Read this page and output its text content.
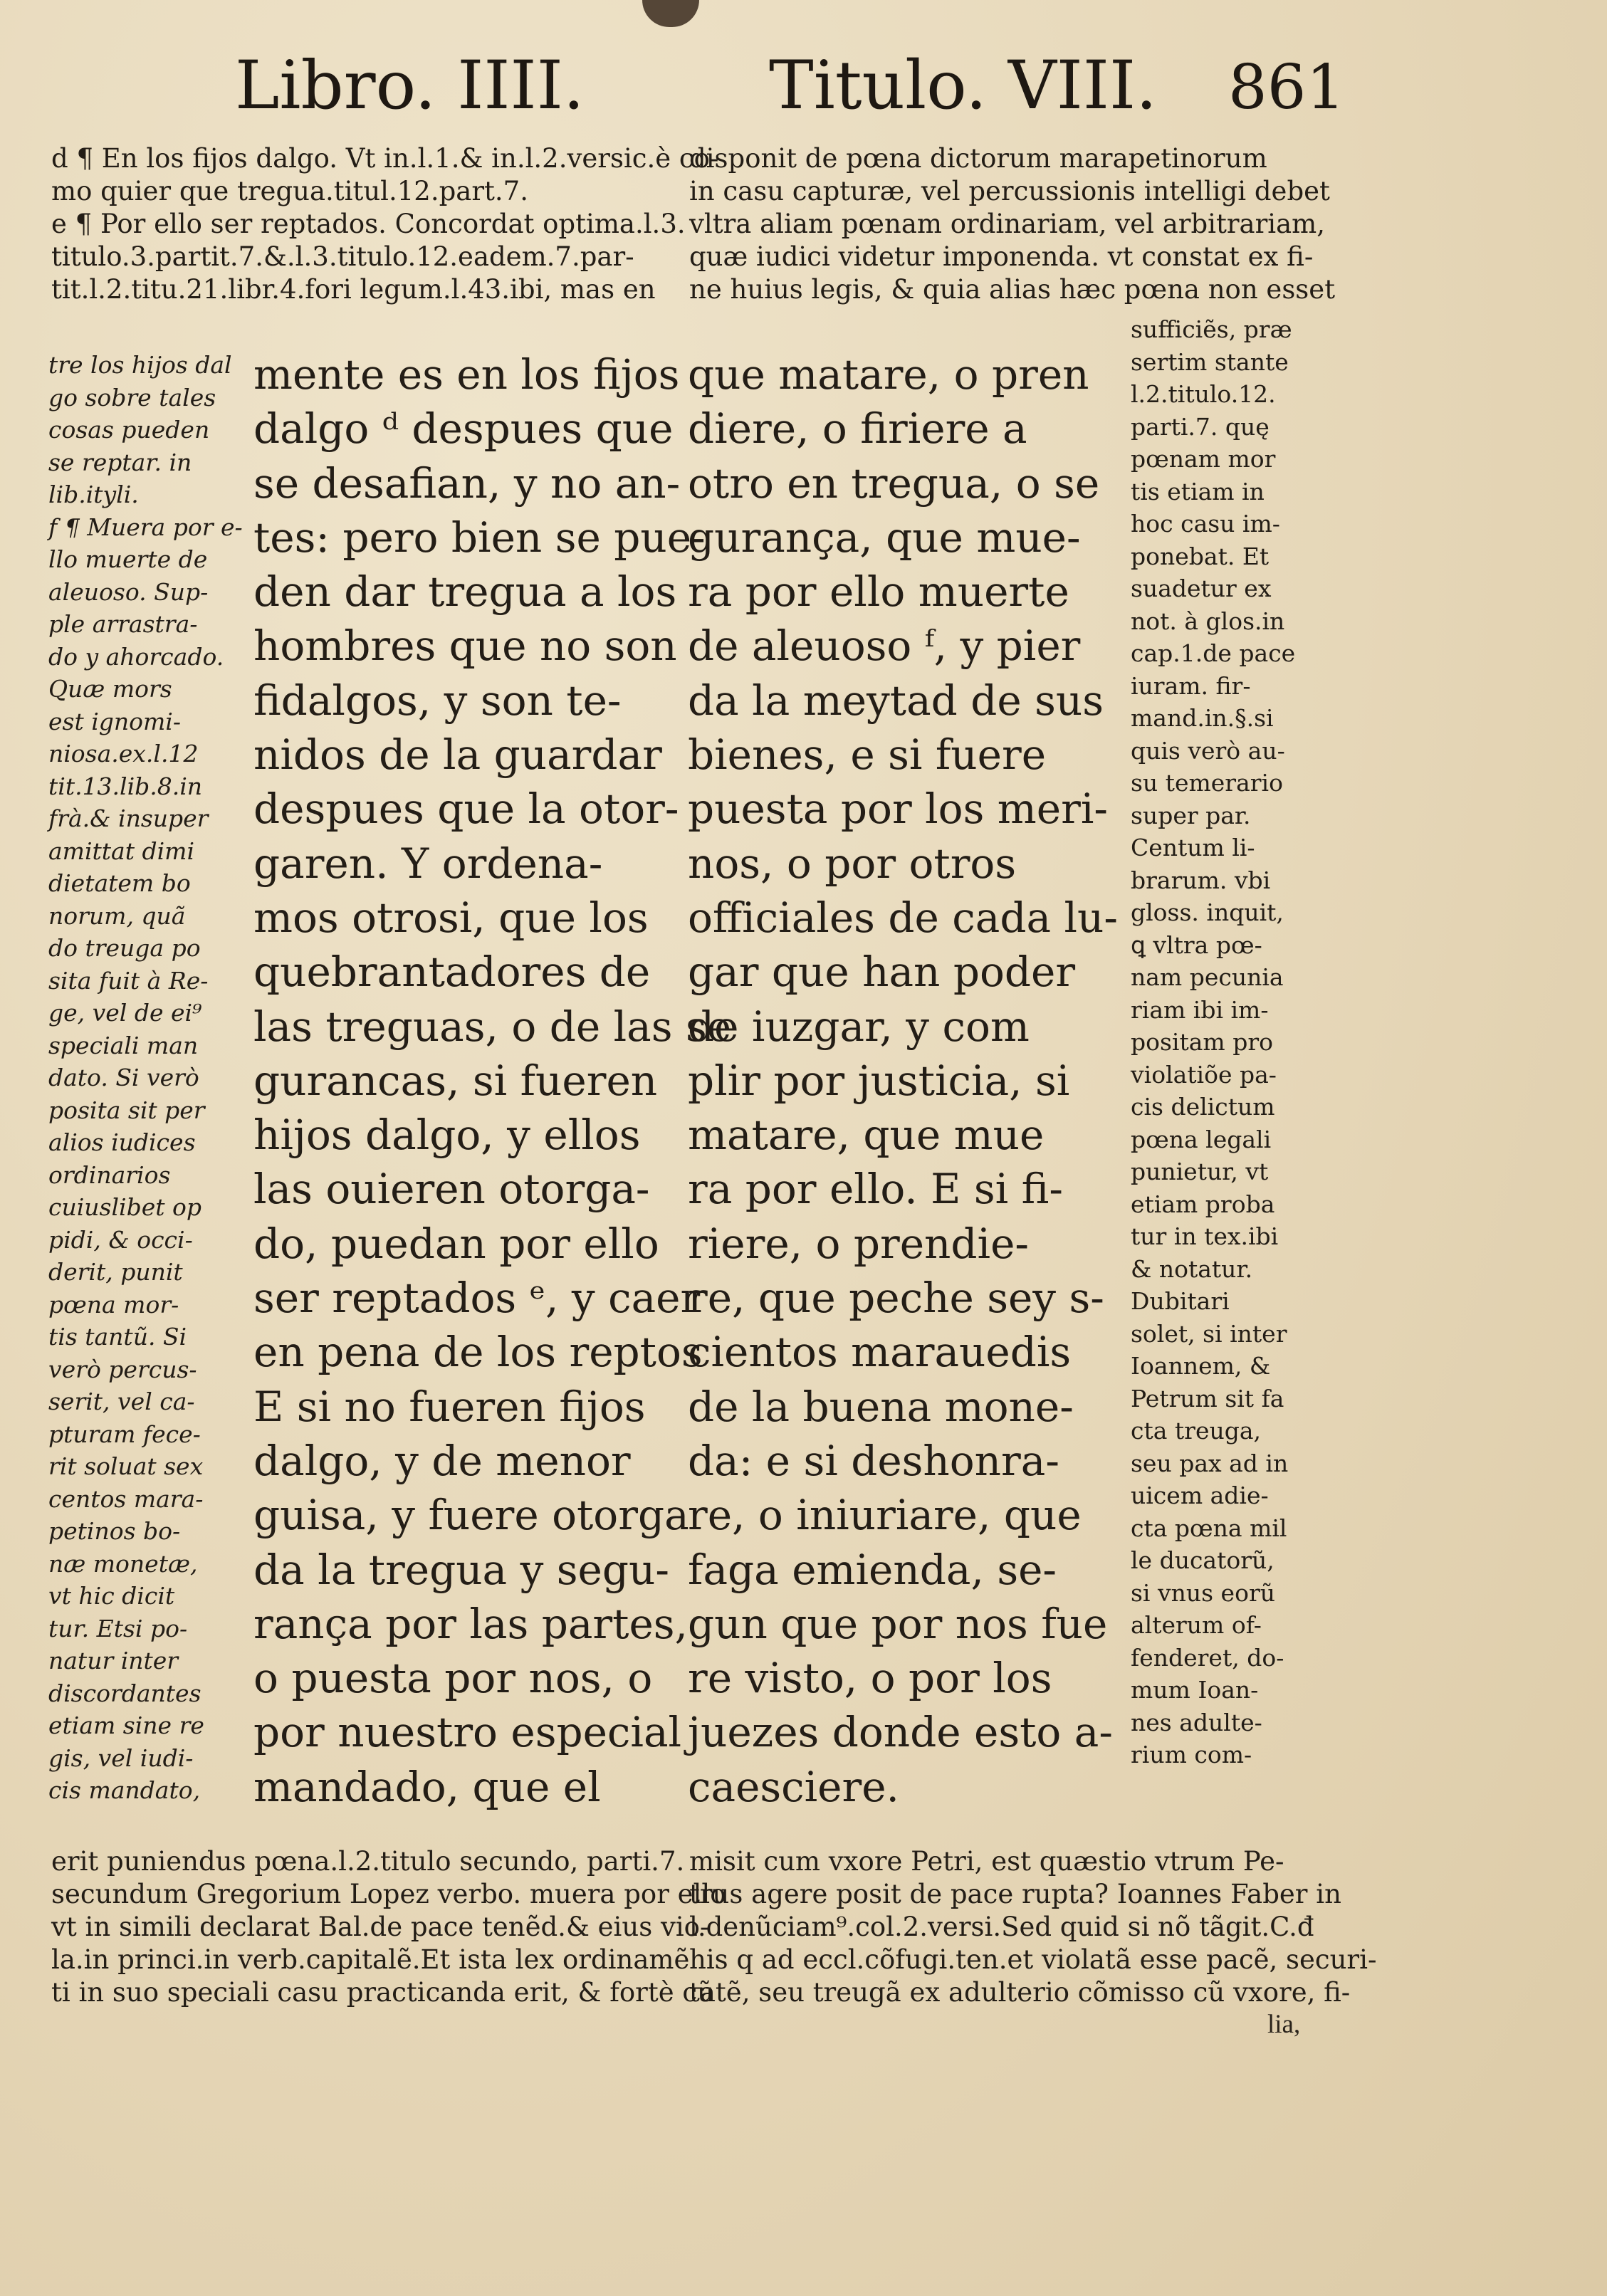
Libro. IIII.	Titulo. VIII. 861
d ¶ En los fijos dalgo. Vt in.l.1.& in.l.2.versic.è co-
mo quier que tregua.titul.12.part.7.
e ¶ Por ello ser reptados. Concordat optima.l.3.
titulo.3.partit.7.&.l.3.titulo.12.eadem.7.par-
tit.l.2.titu.21.libr.4.fori legum.l.43.ibi, mas en
disponit de pœna dictorum marapetinorum
in casu capturæ, vel percussionis intelligi debet
vltra aliam pœnam ordinariam, vel arbitrariam,
quæ iudici videtur imponenda. vt constat ex fi-
ne huius legis, & quia alias hæc pœna non esset
tre los hijos dal
go sobre tales
cosas pueden
se reptar. in
lib.ityli.
f ¶ Muera por e-
llo muerte de
aleuoso. Sup-
ple arrastra-
do y ahorcado.
Quæ mors
est ignomi-
niosa.ex.l.12
tit.13.lib.8.in
frà.& insuper
amittat dimi
dietatem bo
norum, quã
do treuga po
sita fuit à Re-
ge, vel de ei⁹
speciali man
dato. Si verò
posita sit per
alios iudices
ordinarios
cuiuslibet op
pidi, & occi-
derit, punit
pœna mor-
tis tantũ. Si
verò percus-
serit, vel ca-
pturam fece-
rit soluat sex
centos mara-
petinos bo-
næ monetæ,
vt hic dicit
tur. Etsi po-
natur inter
discordantes
etiam sine re
gis, vel iudi-
cis mandato,
mente es en los fijos
dalgo ᵈ despues que
se desafian, y no an-
tes: pero bien se pue-
den dar tregua a los
hombres que no son
fidalgos, y son te-
nidos de la guardar
despues que la otor-
garen. Y ordena-
mos otrosi, que los
quebrantadores de
las treguas, o de las se
gurancas, si fueren
hijos dalgo, y ellos
las ouieren otorga-
do, puedan por ello
ser reptados ᵉ, y caer
en pena de los reptos
E si no fueren fijos
dalgo, y de menor
guisa, y fuere otorga
da la tregua y segu-
rança por las partes,
o puesta por nos, o
por nuestro especial
mandado, que el
que matare, o pren
diere, o firiere a
otro en tregua, o se
gurança, que mue-
ra por ello muerte
de aleuoso ᶠ, y pier
da la meytad de sus
bienes, e si fuere
puesta por los meri-
nos, o por otros
officiales de cada lu-
gar que han poder
de iuzgar, y com
plir por justicia, si
matare, que mue
ra por ello. E si fi-
riere, o prendie-
re, que peche sey s-
cientos marauedis
de la buena mone-
da: e si deshonra-
re, o iniuriare, que
faga emienda, se-
gun que por nos fue
re visto, o por los
juezes donde esto a-
caesciere.
sufficiẽs, præ
sertim stante
l.2.titulo.12.
parti.7. quę
pœnam mor
tis etiam in
hoc casu im-
ponebat. Et
suadetur ex
not. à glos.in
cap.1.de pace
iuram. fir-
mand.in.§.si
quis verò au-
su temerario
super par.
Centum li-
brarum. vbi
gloss. inquit,
ꝗ vltra pœ-
nam pecunia
riam ibi im-
positam pro
violatiõe pa-
cis delictum
pœna legali
punietur, vt
etiam proba
tur in tex.ibi
& notatur.
Dubitari
solet, si inter
Ioannem, &
Petrum sit fa
cta treuga,
seu pax ad in
uicem adie-
cta pœna mil
le ducatorũ,
si vnus eorũ
alterum of-
fenderet, do-
mum Ioan-
nes adulte-
rium com-
erit puniendus pœna.l.2.titulo secundo, parti.7.
secundum Gregorium Lopez verbo. muera por ello
vt in simili declarat Bal.de pace tenẽd.& eius vio-
la.in princi.in verb.capitalẽ.Et ista lex ordinamẽ
ti in suo speciali casu practicanda erit, & fortè cũ
misit cum vxore Petri, est quæstio vtrum Pe-
trus agere posit de pace rupta? Ioannes Faber in
l.denũciam⁹.col.2.versi.Sed quid si nõ tãgit.C.đ
his q ad eccl.cõfugi.ten.et violatã esse pacẽ, securi-
tatẽ, seu treugã ex adulterio cõmisso cũ vxore, fi-
lia,
